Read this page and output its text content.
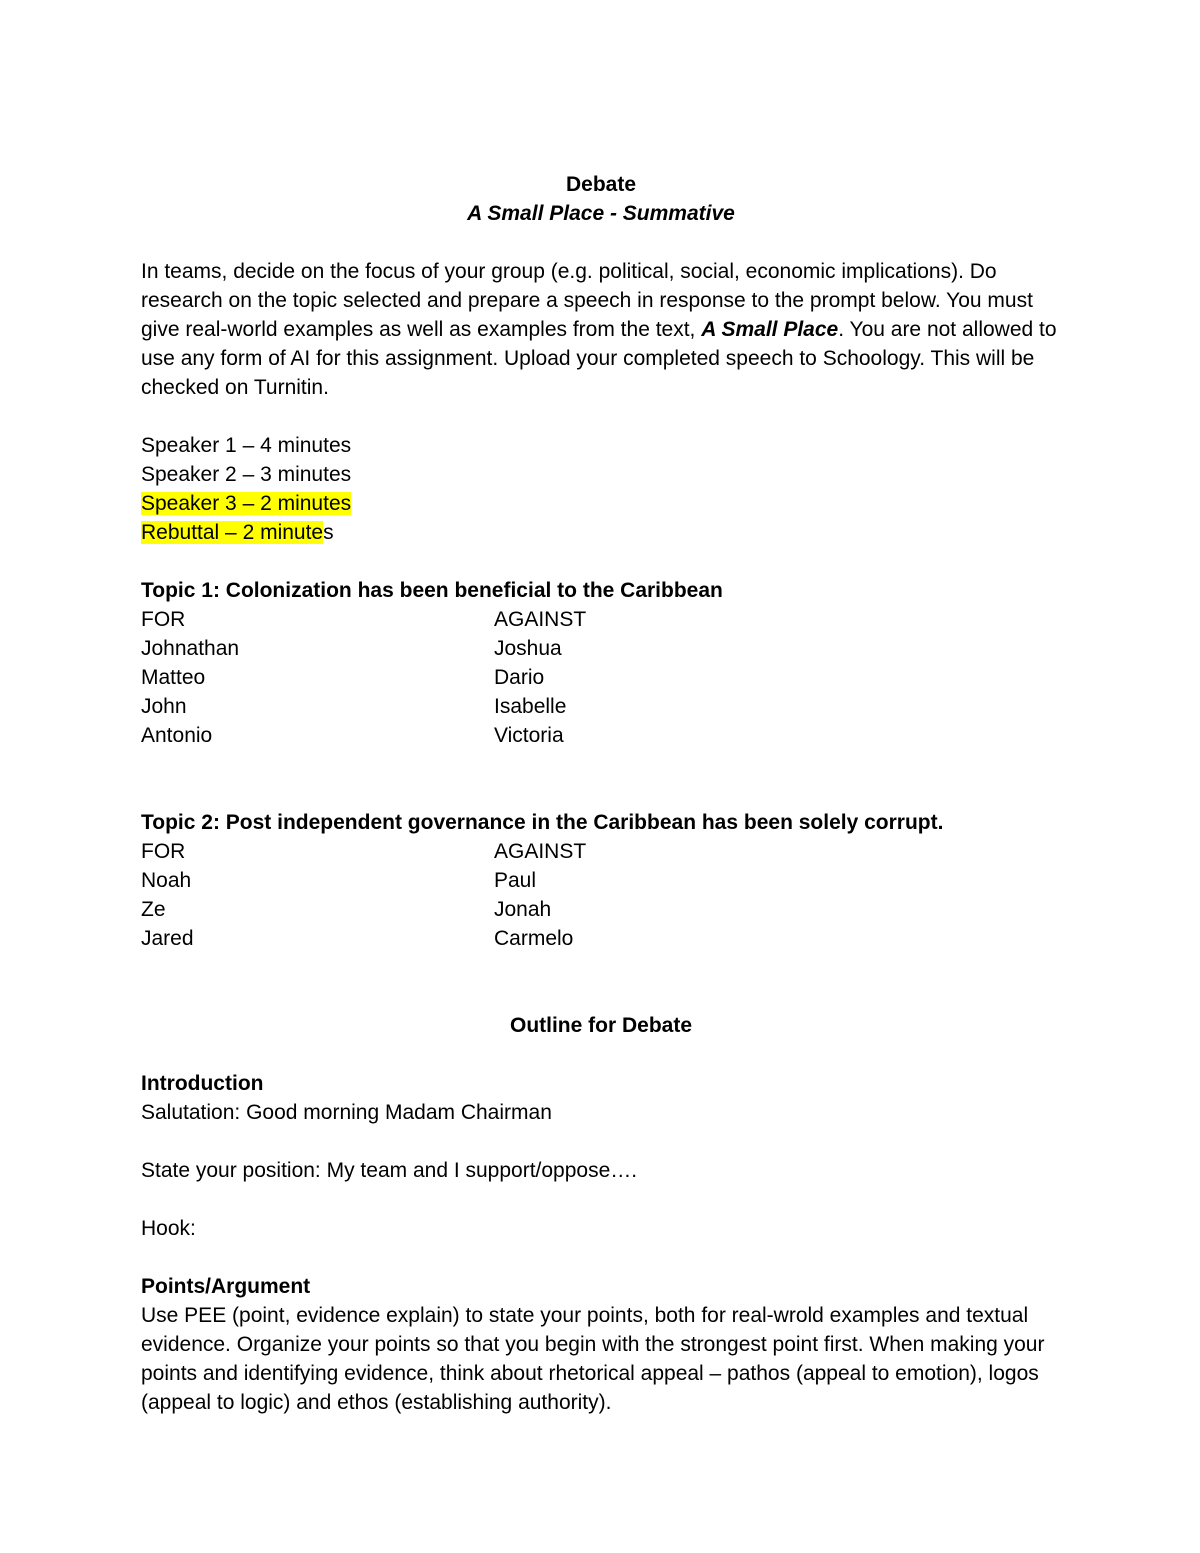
Debate
A Small Place - Summative
In teams, decide on the focus of your group (e.g. political, social, economic implications). Do research on the topic selected and prepare a speech in response to the prompt below. You must give real-world examples as well as examples from the text, A Small Place. You are not allowed to use any form of AI for this assignment. Upload your completed speech to Schoology. This will be checked on Turnitin.
Speaker 1 – 4 minutes
Speaker 2 – 3 minutes
Speaker 3 – 2 minutes
Rebuttal – 2 minutes
Topic 1: Colonization has been beneficial to the Caribbean
FOR	AGAINST
Johnathan	Joshua
Matteo	Dario
John	Isabelle
Antonio	Victoria
Topic 2: Post independent governance in the Caribbean has been solely corrupt.
FOR	AGAINST
Noah	Paul
Ze	Jonah
Jared	Carmelo
Outline for Debate
Introduction
Salutation: Good morning Madam Chairman
State your position: My team and I support/oppose….
Hook:
Points/Argument
Use PEE (point, evidence explain) to state your points, both for real-wrold examples and textual evidence. Organize your points so that you begin with the strongest point first. When making your points and identifying evidence, think about rhetorical appeal – pathos (appeal to emotion), logos (appeal to logic) and ethos (establishing authority).
